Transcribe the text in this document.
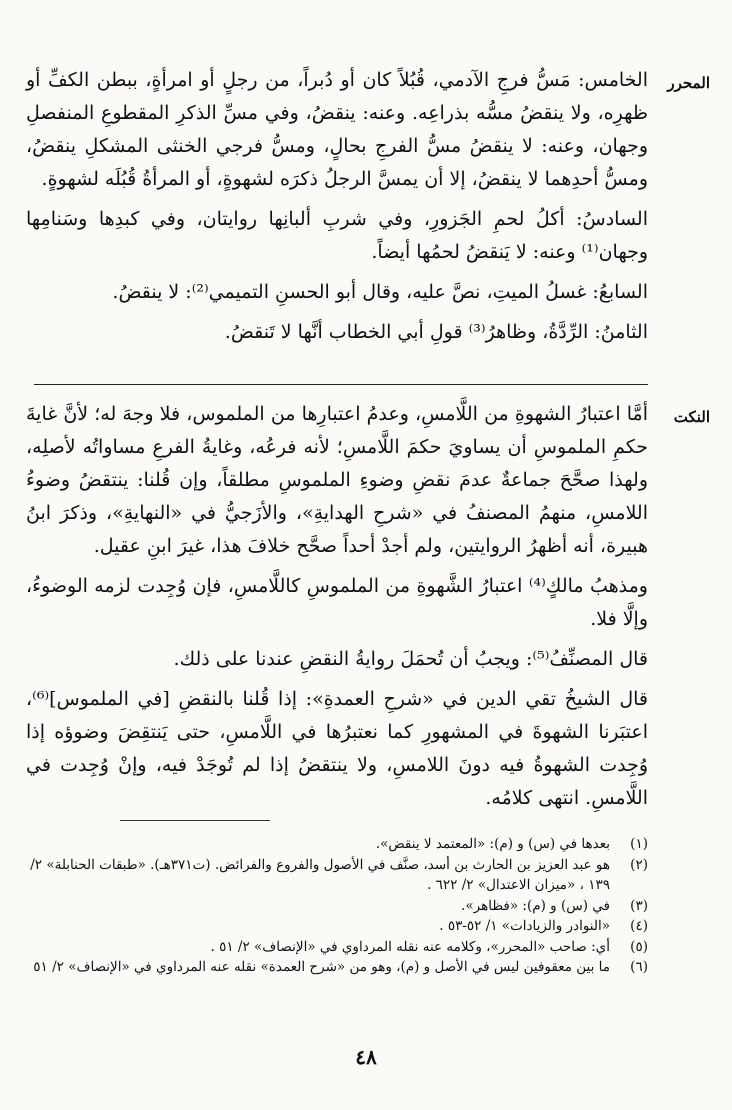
المحرر

الخامس: مَسُّ فرجِ الآدمي، قُبُلاً كان أو دُبراً، من رجلٍ أو امرأةٍ، ببطن الكفِّ أو ظهرِه، ولا ينقضُ مسُّه بذراعِه. وعنه: ينقضُ، وفي مسِّ الذكرِ المقطوعِ المنفصلِ وجهان، وعنه: لا ينقضُ مسُّ الفرجِ بحالٍ، ومسُّ فرجي الخنثى المشكلِ ينقضُ، ومسُّ أحدِهما لا ينقضُ، إلا أن يمسَّ الرجلُ ذكرَه لشهوةٍ، أو المرأةُ قُبُلَه لشهوةٍ.

السادسُ: أكلُ لحمِ الجَزورِ، وفي شربِ ألبانِها روايتان، وفي كبدِها وسَنامِها وجهان⁽¹⁾ وعنه: لا يَنقضُ لحمُها أيضاً.

السابعُ: غسلُ الميتِ، نصَّ عليه، وقال أبو الحسنِ التميمي⁽²⁾: لا ينقضُ.

الثامنُ: الرِّدَّةُ، وظاهرُ⁽³⁾ قولِ أبي الخطاب أنَّها لا تَنقضُ.

النكت

أمَّا اعتبارُ الشهوةِ من اللَّامسِ، وعدمُ اعتبارِها من الملموس، فلا وجهَ له؛ لأنَّ غايةَ حكمِ الملموسِ أن يساويَ حكمَ اللَّامسِ؛ لأنه فرعُه، وغايةُ الفرعِ مساواتُه لأصلِه، ولهذا صحَّحَ جماعةٌ عدمَ نقضِ وضوءِ الملموسِ مطلقاً، وإن قُلنا: ينتقضُ وضوءُ اللامسِ، منهمُ المصنفُ في «شرحِ الهدايةِ»، والأزَجيُّ في «النهايةِ»، وذكرَ ابنُ هبيرة، أنه أظهرُ الروايتين، ولم أجدْ أحداً صحَّح خلافَ هذا، غيرَ ابنِ عقيل.

ومذهبُ مالكٍ⁽⁴⁾ اعتبارُ الشَّهوةِ من الملموسِ كاللَّامسِ، فإن وُجِدت لزمه الوضوءُ، وإلَّا فلا.

قال المصنِّفُ⁽⁵⁾: ويجبُ أن تُحمَلَ روايةُ النقضِ عندنا على ذلك.

قال الشيخُ تقي الدين في «شرحِ العمدةِ»: إذا قُلنا بالنقضِ [في الملموس]⁽⁶⁾، اعتبَرنا الشهوةَ في المشهورِ كما نعتبرُها في اللَّامسِ، حتى يَنتقِضَ وضوؤه إذا وُجِدت الشهوةُ فيه دونَ اللامسِ، ولا ينتقضُ إذا لم تُوجَدْ فيه، وإنْ وُجِدت في اللَّامسِ. انتهى كلامُه.

(١)
بعدها في (س) و (م): «المعتمد لا ينقض».
(٢)
هو عبد العزيز بن الحارث بن أسد، صنَّف في الأصول والفروع والفرائض. (ت٣٧١هـ). «طبقات الحنابلة» ٢/ ١٣٩ ، «ميزان الاعتدال» ٢/ ٦٢٢ .
(٣)
في (س) و (م): «فظاهر».
(٤)
«النوادر والزيادات» ١/ ٥٢-٥٣ .
(٥)
أي: صاحب «المحرر»، وكلامه عنه نقله المرداوي في «الإنصاف» ٢/ ٥١ .
(٦)
ما بين معقوفين ليس في الأصل و (م)، وهو من «شرح العمدة» نقله عنه المرداوي في «الإنصاف» ٢/ ٥١
٤٨
